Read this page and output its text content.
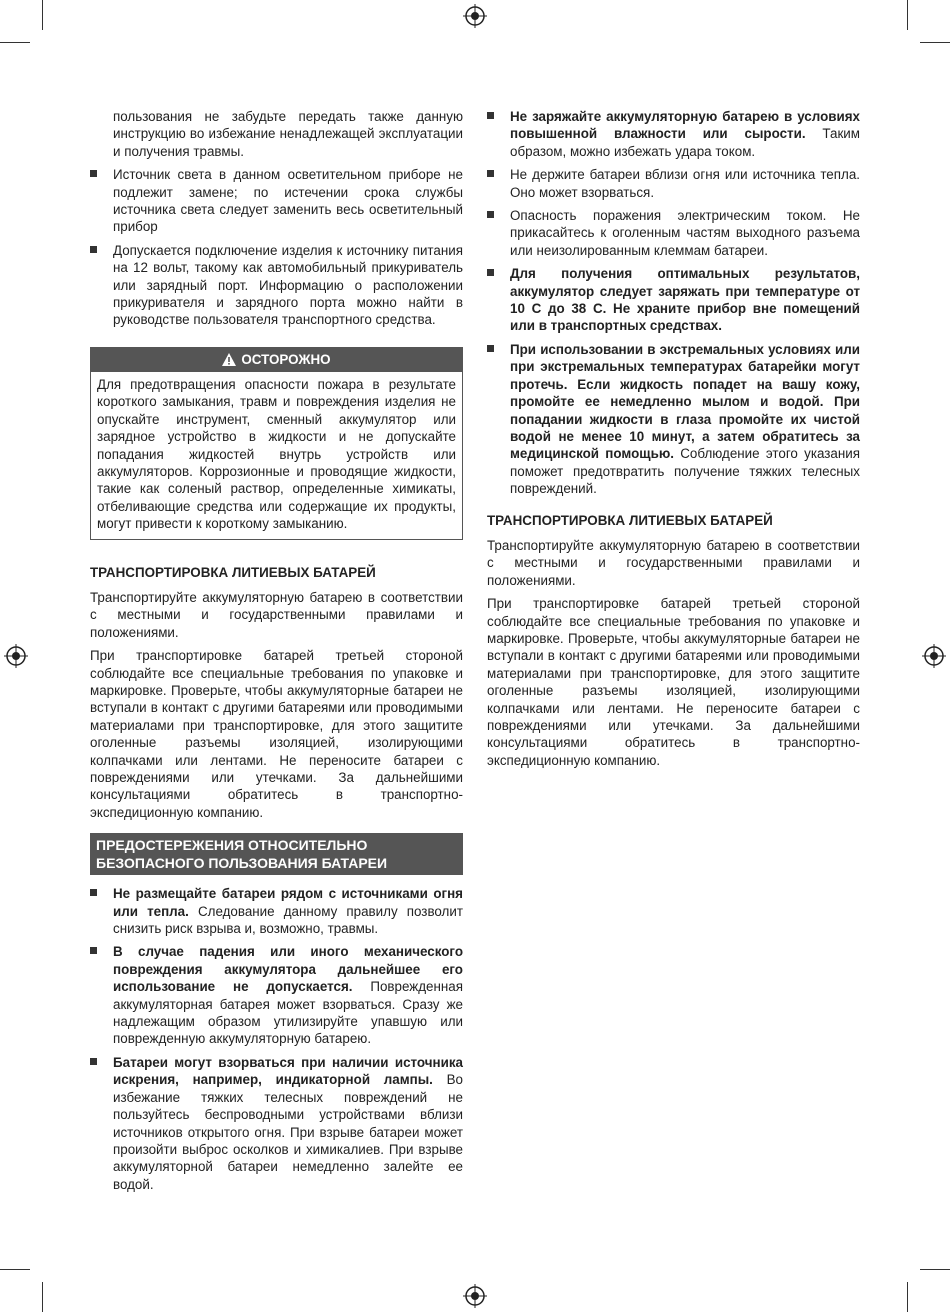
пользования не забудьте передать также данную инструкцию во избежание ненадлежащей эксплуатации и получения травмы.

Источник света в данном осветительном приборе не подлежит замене; по истечении срока службы источника света следует заменить весь осветительный прибор
Допускается подключение изделия к источнику питания на 12 вольт, такому как автомобильный прикуриватель или зарядный порт. Информацию о расположении прикуривателя и зарядного порта можно найти в руководстве пользователя транспортного средства.
ОСТОРОЖНО
Для предотвращения опасности пожара в результате короткого замыкания, травм и повреждения изделия не опускайте инструмент, сменный аккумулятор или зарядное устройство в жидкости и не допускайте попадания жидкостей внутрь устройств или аккумуляторов. Коррозионные и проводящие жидкости, такие как соленый раствор, определенные химикаты, отбеливающие средства или содержащие их продукты, могут привести к короткому замыканию.
ТРАНСПОРТИРОВКА ЛИТИЕВЫХ БАТАРЕЙ

Транспортируйте аккумуляторную батарею в соответствии с местными и государственными правилами и положениями.

При транспортировке батарей третьей стороной соблюдайте все специальные требования по упаковке и маркировке. Проверьте, чтобы аккумуляторные батареи не вступали в контакт с другими батареями или проводимыми материалами при транспортировке, для этого защитите оголенные разъемы изоляцией, изолирующими колпачками или лентами. Не переносите батареи с повреждениями или утечками. За дальнейшими консультациями обратитесь в транспортно-экспедиционную компанию.

ПРЕДОСТЕРЕЖЕНИЯ ОТНОСИТЕЛЬНО
БЕЗОПАСНОГО ПОЛЬЗОВАНИЯ БАТАРЕИ
Не размещайте батареи рядом с источниками огня или тепла. Следование данному правилу позволит снизить риск взрыва и, возможно, травмы.
В случае падения или иного механического повреждения аккумулятора дальнейшее его использование не допускается. Поврежденная аккумуляторная батарея может взорваться. Сразу же надлежащим образом утилизируйте упавшую или поврежденную аккумуляторную батарею.
Батареи могут взорваться при наличии источника искрения, например, индикаторной лампы. Во избежание тяжких телесных повреждений не пользуйтесь беспроводными устройствами вблизи источников открытого огня. При взрыве батареи может произойти выброс осколков и химикалиев. При взрыве аккумуляторной батареи немедленно залейте ее водой.
Не заряжайте аккумуляторную батарею в условиях повышенной влажности или сырости. Таким образом, можно избежать удара током.
Не держите батареи вблизи огня или источника тепла. Оно может взорваться.
Опасность поражения электрическим током. Не прикасайтесь к оголенным частям выходного разъема или неизолированным клеммам батареи.
Для получения оптимальных результатов, аккумулятор следует заряжать при температуре от 10 С до 38 С. Не храните прибор вне помещений или в транспортных средствах.
При использовании в экстремальных условиях или при экстремальных температурах батарейки могут протечь. Если жидкость попадет на вашу кожу, промойте ее немедленно мылом и водой. При попадании жидкости в глаза промойте их чистой водой не менее 10 минут, а затем обратитесь за медицинской помощью. Соблюдение этого указания поможет предотвратить получение тяжких телесных повреждений.
ТРАНСПОРТИРОВКА ЛИТИЕВЫХ БАТАРЕЙ

Транспортируйте аккумуляторную батарею в соответствии с местными и государственными правилами и положениями.

При транспортировке батарей третьей стороной соблюдайте все специальные требования по упаковке и маркировке. Проверьте, чтобы аккумуляторные батареи не вступали в контакт с другими батареями или проводимыми материалами при транспортировке, для этого защитите оголенные разъемы изоляцией, изолирующими колпачками или лентами. Не переносите батареи с повреждениями или утечками. За дальнейшими консультациями обратитесь в транспортно-экспедиционную компанию.
